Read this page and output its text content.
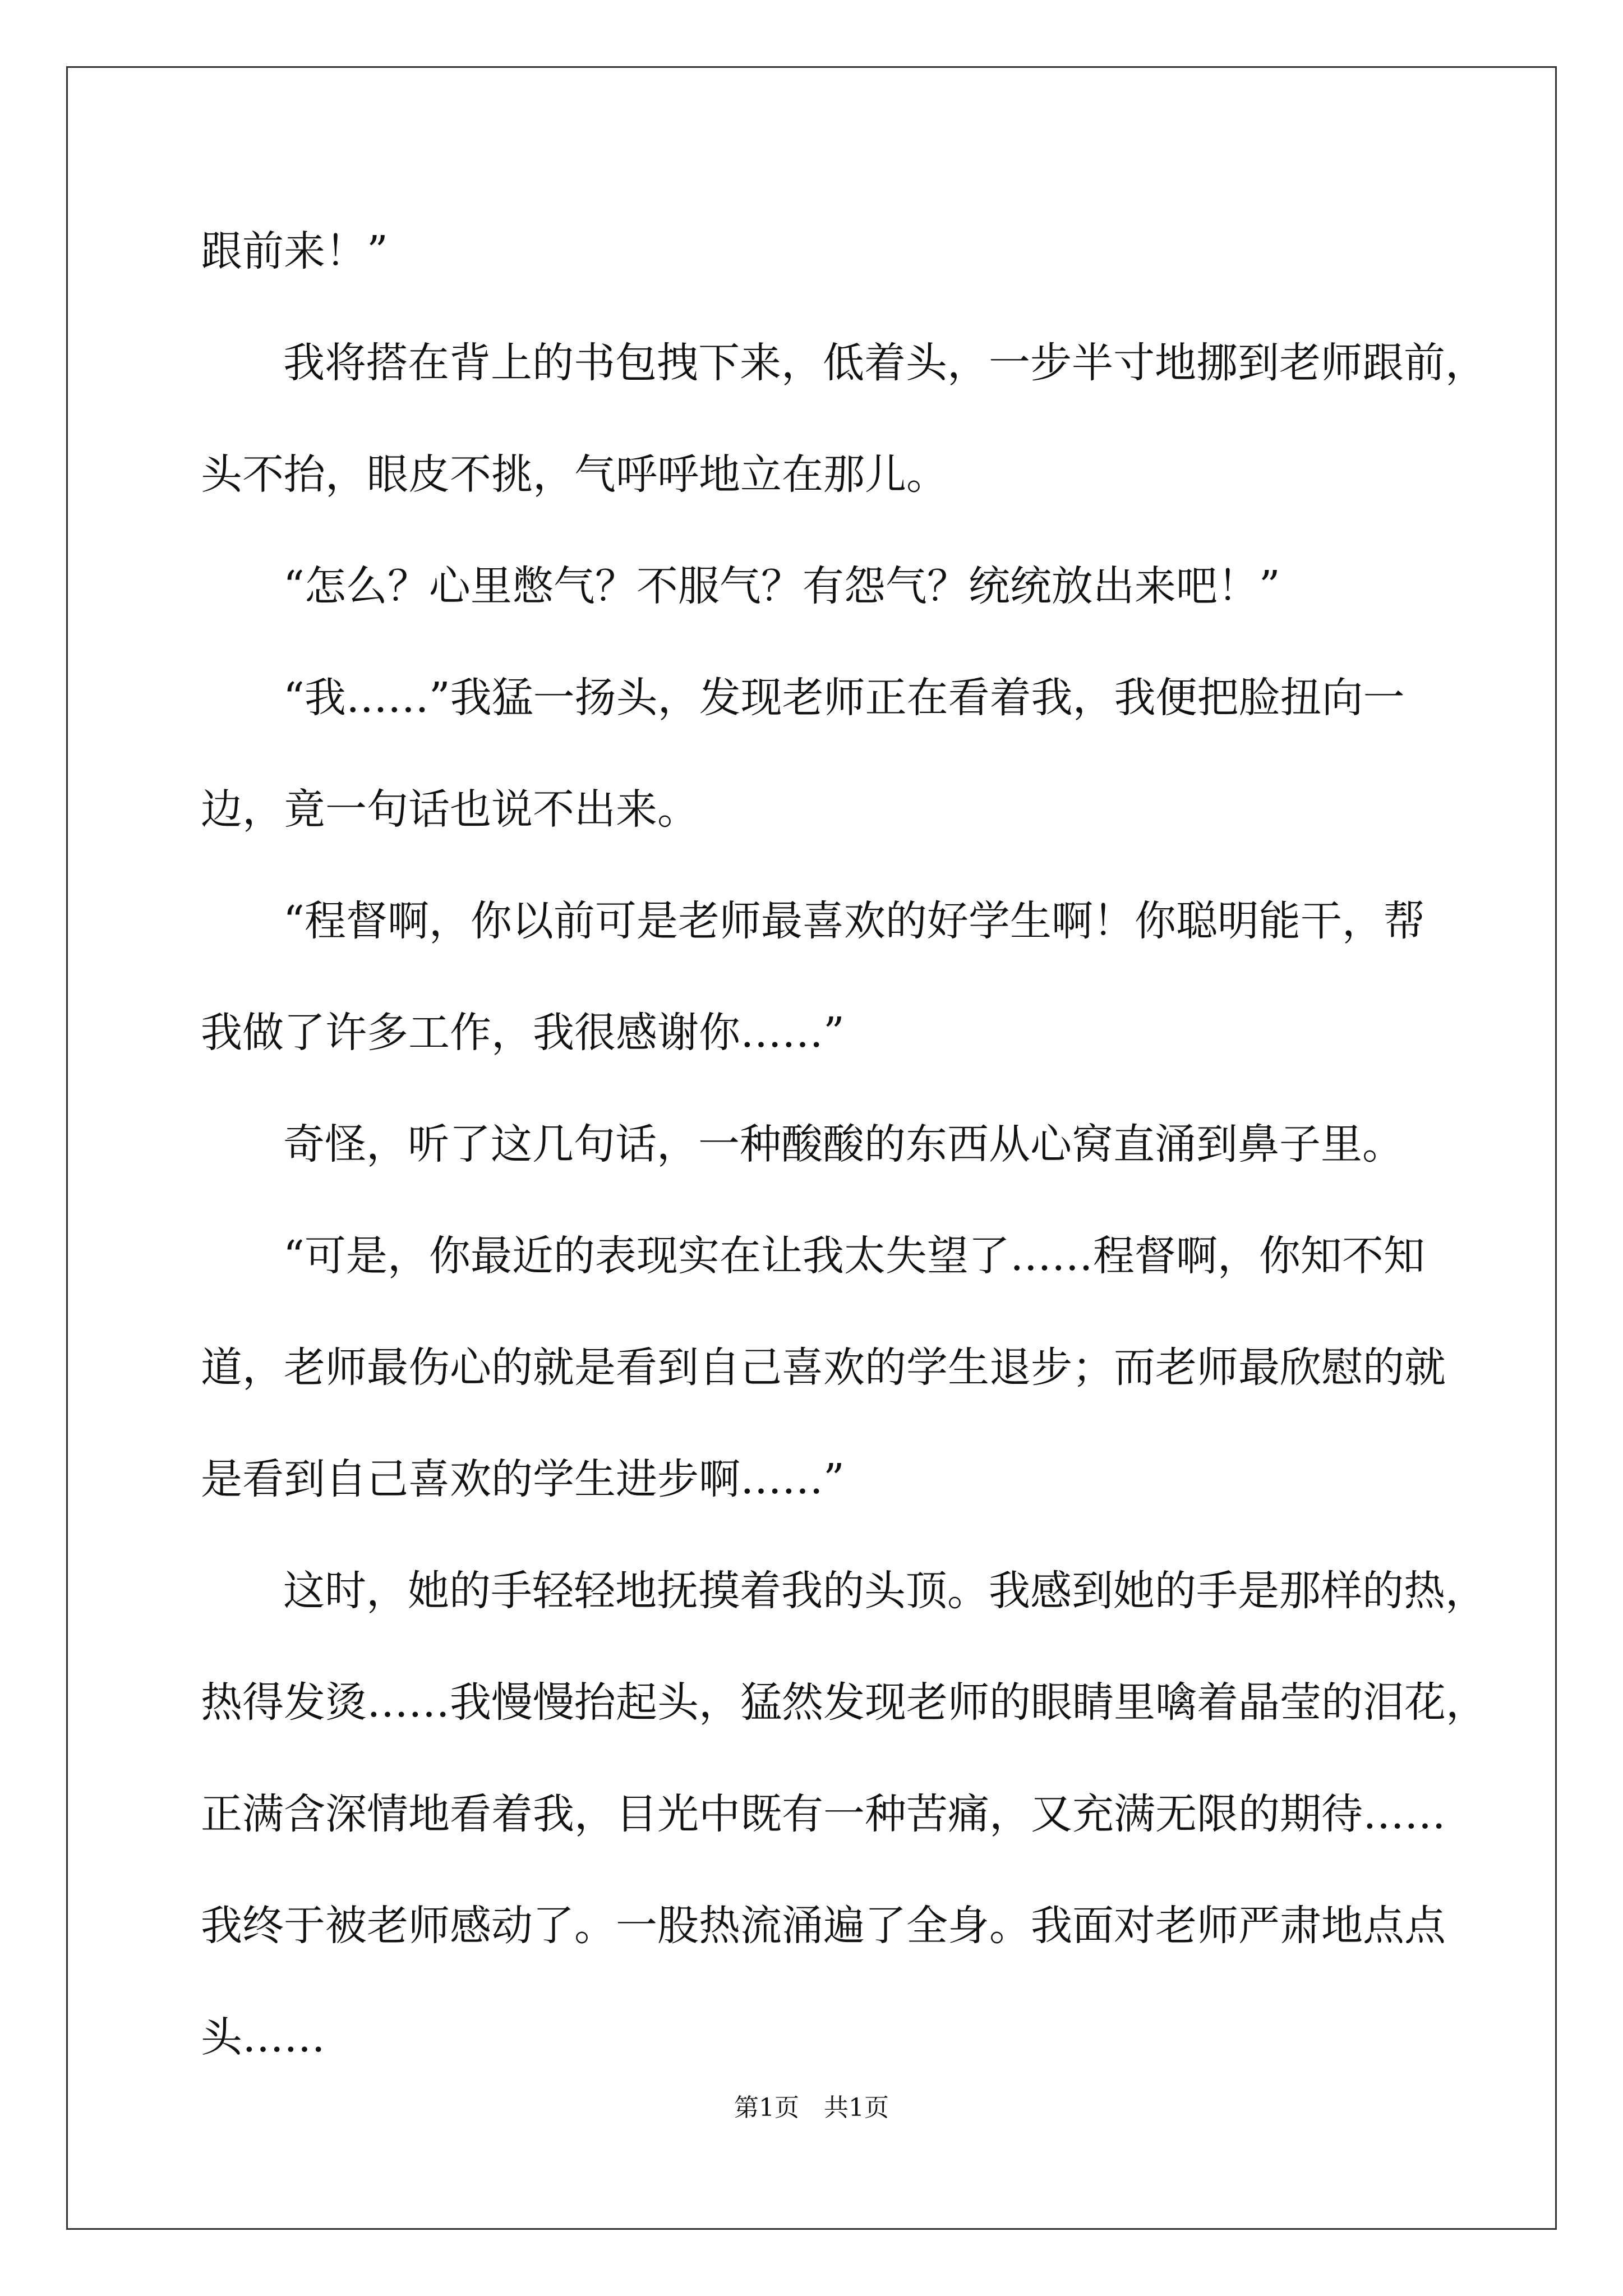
跟前来！”
我将搭在背上的书包拽下来，低着头，一步半寸地挪到老师跟前，
头不抬，眼皮不挑，气呼呼地立在那儿。
“怎么？心里憋气？不服气？有怨气？统统放出来吧！”
“我……”我猛一扬头，发现老师正在看着我，我便把脸扭向一
边，竟一句话也说不出来。
“程督啊，你以前可是老师最喜欢的好学生啊！你聪明能干，帮
我做了许多工作，我很感谢你……”
奇怪，听了这几句话，一种酸酸的东西从心窝直涌到鼻子里。
“可是，你最近的表现实在让我太失望了……程督啊，你知不知
道，老师最伤心的就是看到自己喜欢的学生退步；而老师最欣慰的就
是看到自己喜欢的学生进步啊……”
这时，她的手轻轻地抚摸着我的头顶。我感到她的手是那样的热，
热得发烫……我慢慢抬起头，猛然发现老师的眼睛里噙着晶莹的泪花，
正满含深情地看着我，目光中既有一种苦痛，又充满无限的期待……
我终于被老师感动了。一股热流涌遍了全身。我面对老师严肃地点点
头……
第1页　共1页
